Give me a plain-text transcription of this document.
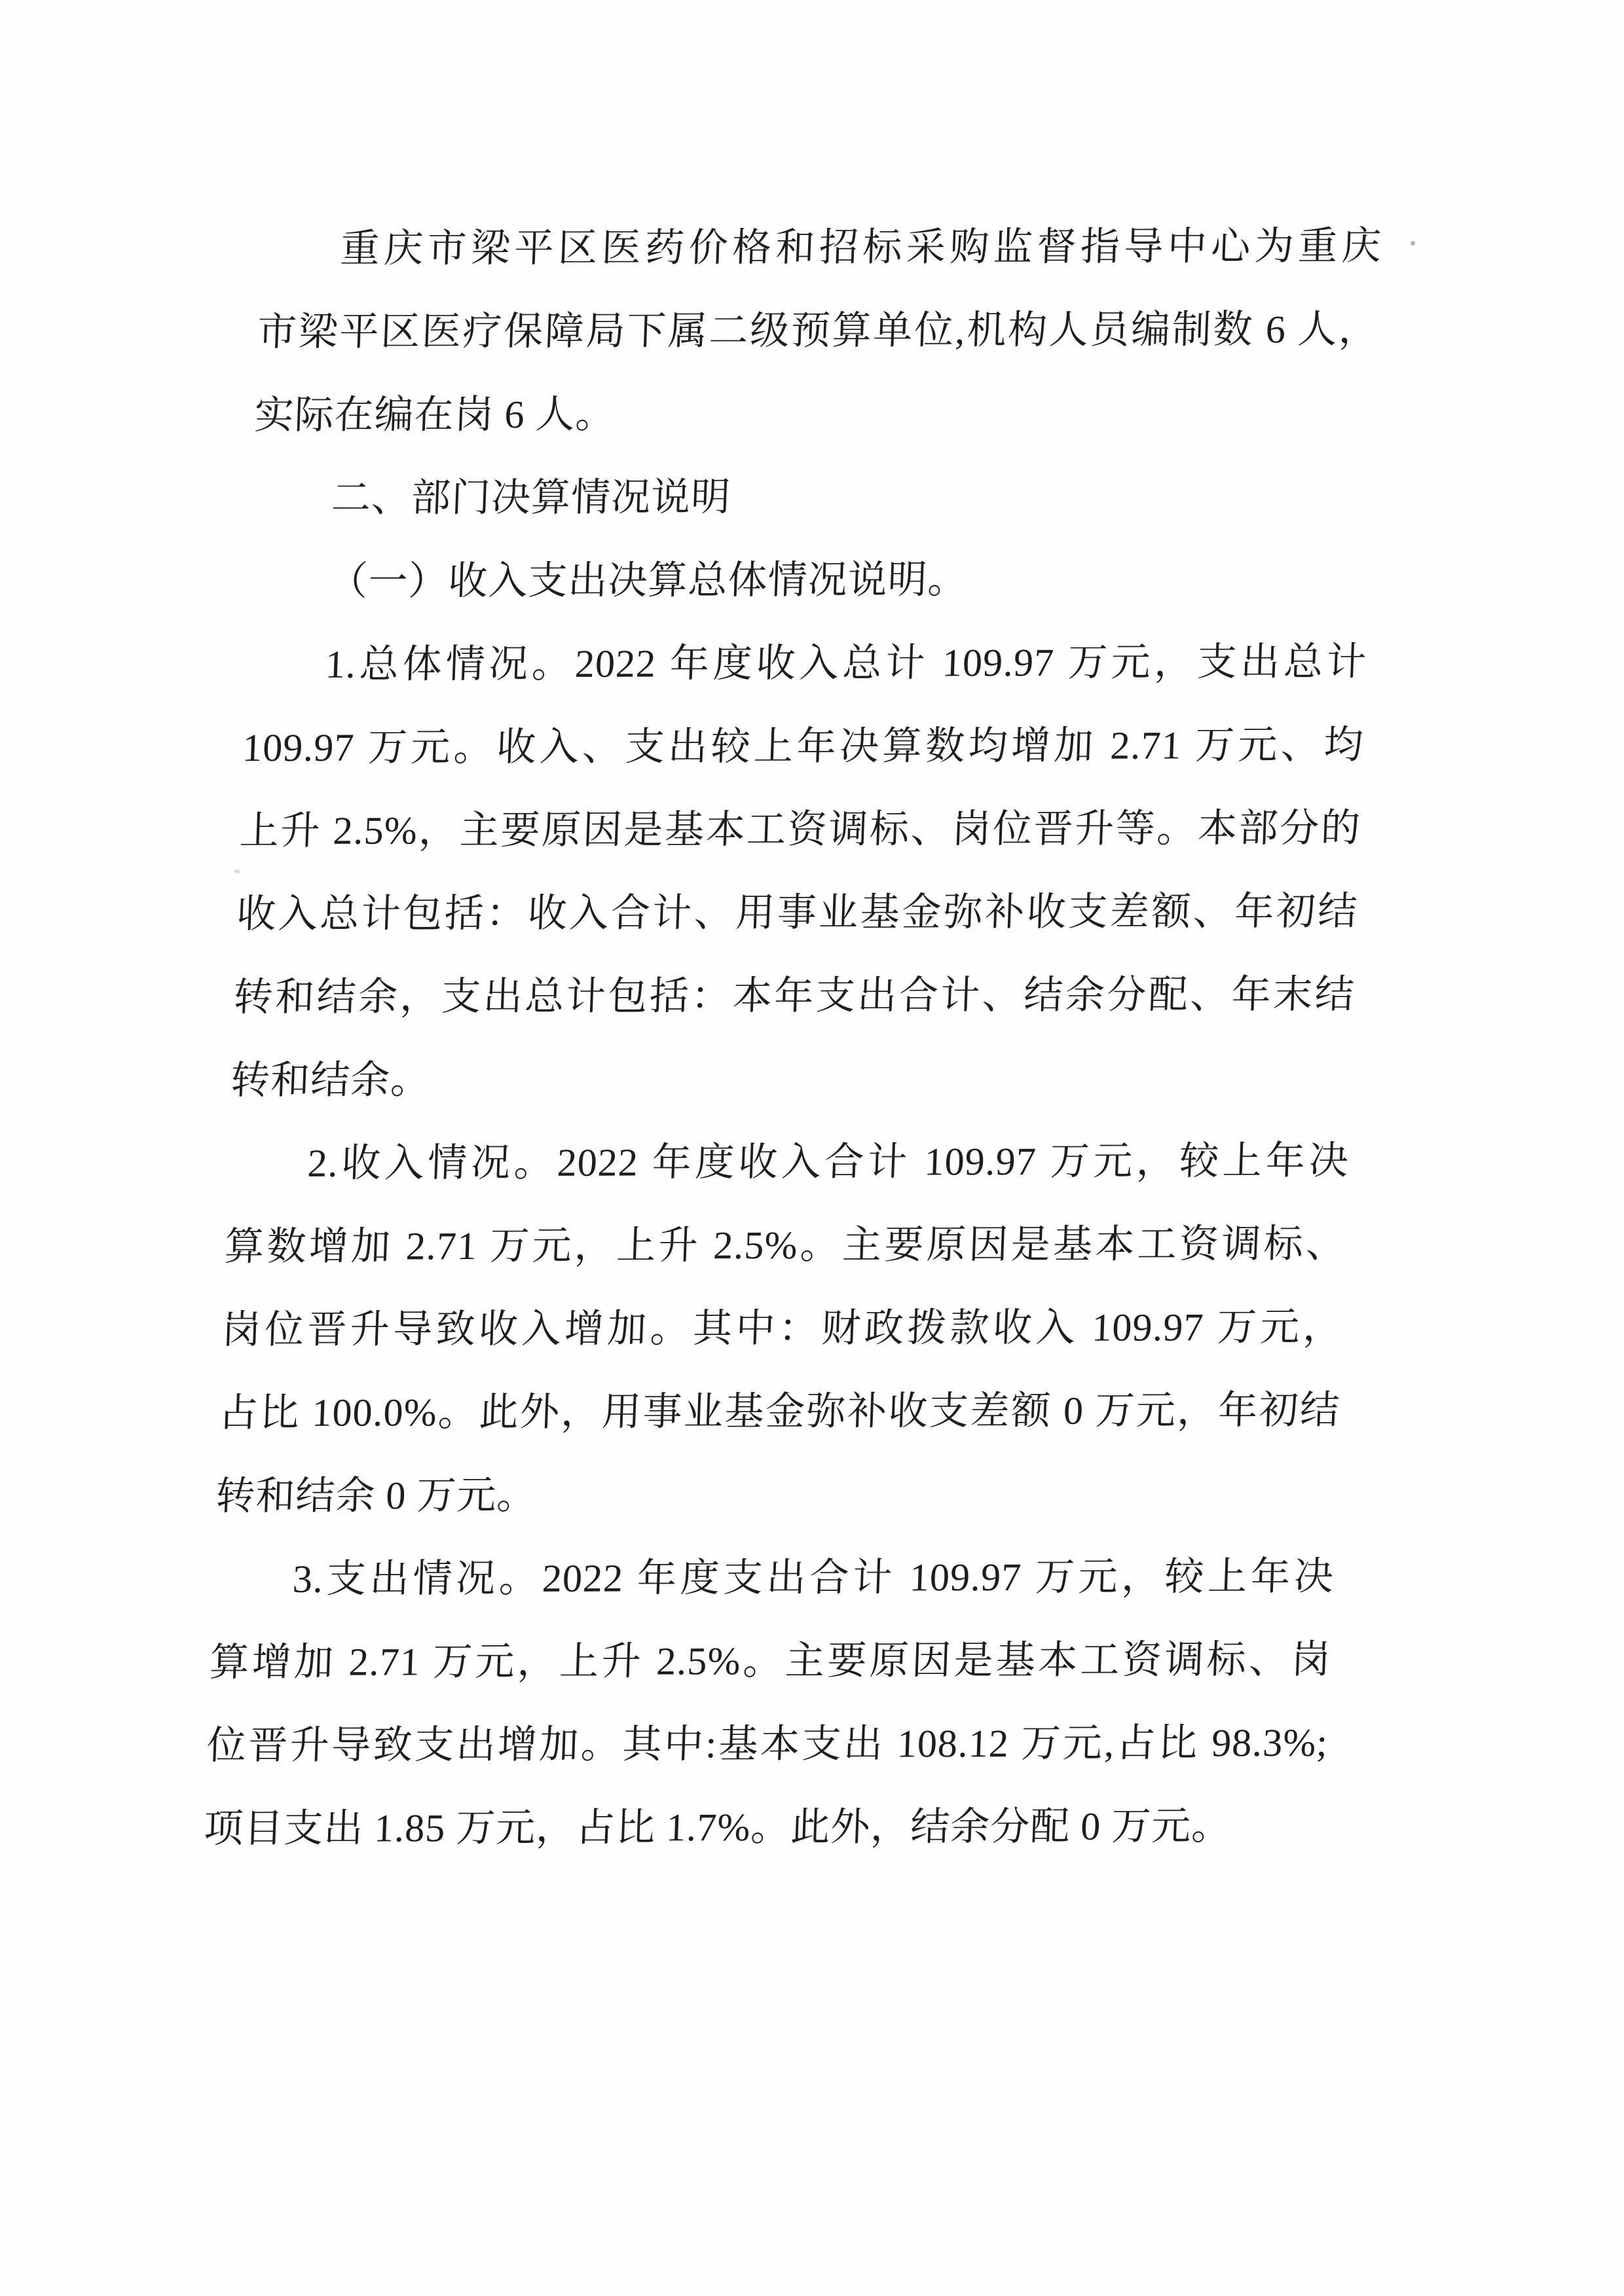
重庆市梁平区医药价格和招标采购监督指导中心为重庆
市梁平区医疗保障局下属二级预算单位,机构人员编制数 6 人，
实际在编在岗 6 人。
二、部门决算情况说明
（一）收入支出决算总体情况说明。
1.总体情况。2022 年度收入总计 109.97 万元，支出总计
109.97 万元。收入、支出较上年决算数均增加 2.71 万元、均
上升 2.5%，主要原因是基本工资调标、岗位晋升等。本部分的
收入总计包括：收入合计、用事业基金弥补收支差额、年初结
转和结余，支出总计包括：本年支出合计、结余分配、年末结
转和结余。
2.收入情况。2022 年度收入合计 109.97 万元，较上年决
算数增加 2.71 万元，上升 2.5%。主要原因是基本工资调标、
岗位晋升导致收入增加。其中：财政拨款收入 109.97 万元，
占比 100.0%。此外，用事业基金弥补收支差额 0 万元，年初结
转和结余 0 万元。
3.支出情况。2022 年度支出合计 109.97 万元，较上年决
算增加 2.71 万元，上升 2.5%。主要原因是基本工资调标、岗
位晋升导致支出增加。其中:基本支出 108.12 万元,占比 98.3%;
项目支出 1.85 万元，占比 1.7%。此外，结余分配 0 万元。
